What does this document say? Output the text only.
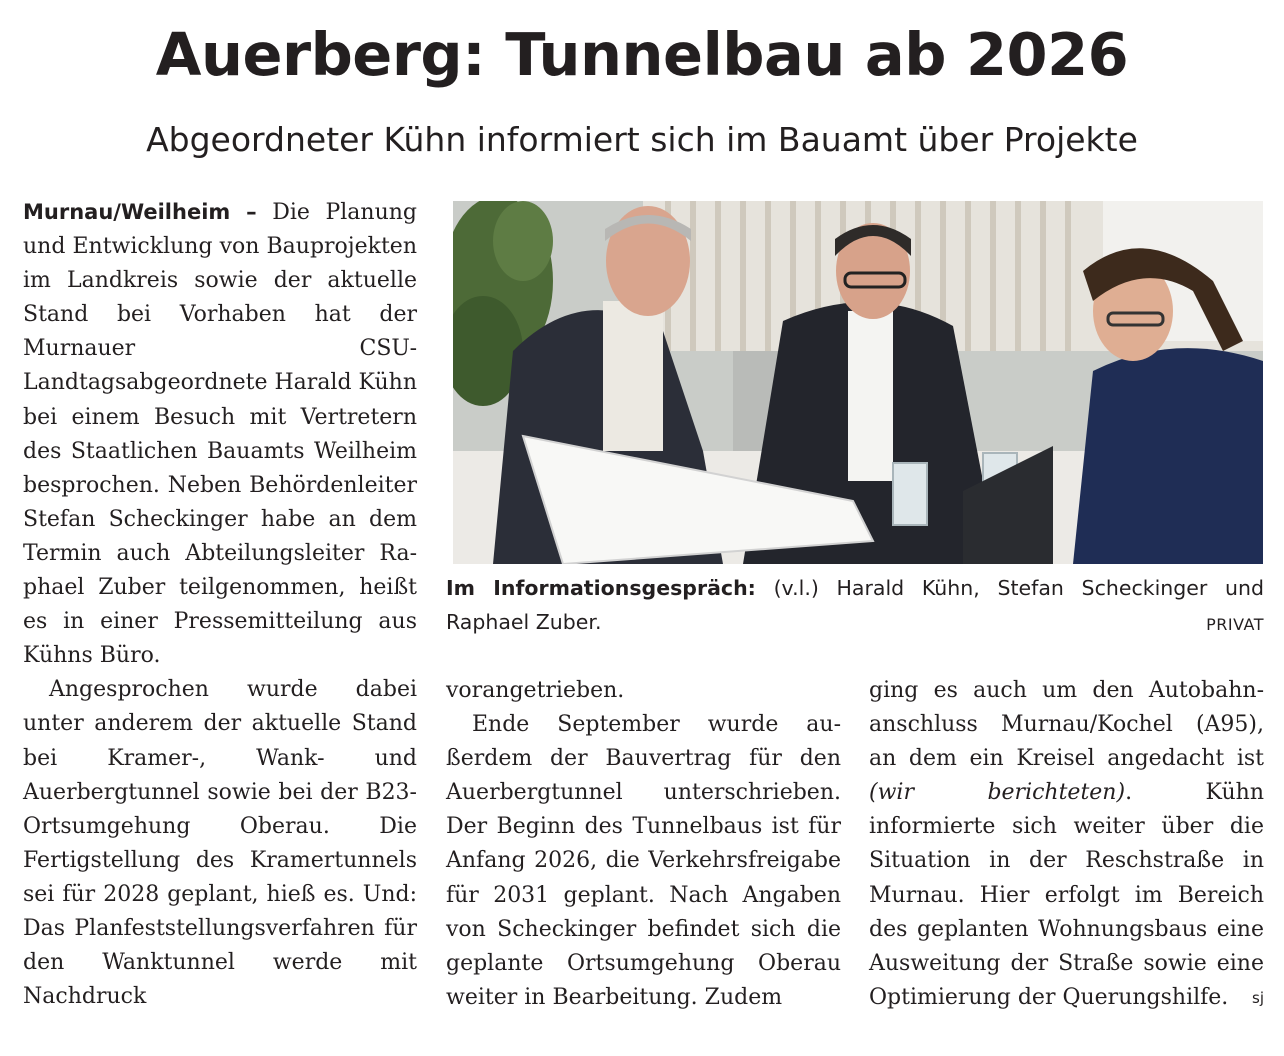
Auerberg: Tunnelbau ab 2026
Abgeordneter Kühn informiert sich im Bauamt über Projekte

Murnau/Weilheim – Die Planung und Entwicklung von Bauprojekten im Landkreis sowie der aktuelle Stand bei Vorhaben hat der Murnauer CSU-Landtagsabgeordnete Harald Kühn bei einem Besuch mit Vertretern des Staatlichen Bauamts Weilheim besprochen. Neben Behördenleiter Stefan Scheckinger habe an dem Termin auch Abteilungsleiter Raphael Zuber teilgenommen, heißt es in einer Pressemitteilung aus Kühns Büro.

Angesprochen wurde dabei unter anderem der aktuelle Stand bei Kramer-, Wank- und Auerbergtunnel sowie bei der B23-Ortsumgehung Oberau. Die Fertigstellung des Kramertunnels sei für 2028 geplant, hieß es. Und: Das Planfeststellungsverfahren für den Wanktunnel werde mit Nachdruck

Im Informationsgespräch: (v.l.) Harald Kühn, Stefan Scheckinger und Raphael Zuber.	PRIVAT

vorangetrieben.

Ende September wurde außerdem der Bauvertrag für den Auerbergtunnel unterschrieben. Der Beginn des Tunnelbaus ist für Anfang 2026, die Verkehrsfreigabe für 2031 geplant. Nach Angaben von Scheckinger befindet sich die geplante Ortsumgehung Oberau weiter in Bearbeitung. Zudem

ging es auch um den Autobahnanschluss Murnau/Kochel (A95), an dem ein Kreisel angedacht ist (wir berichteten). Kühn informierte sich weiter über die Situation in der Reschstraße in Murnau. Hier erfolgt im Bereich des geplanten Wohnungsbaus eine Ausweitung der Straße sowie eine Optimierung der Querungshilfe. sj
